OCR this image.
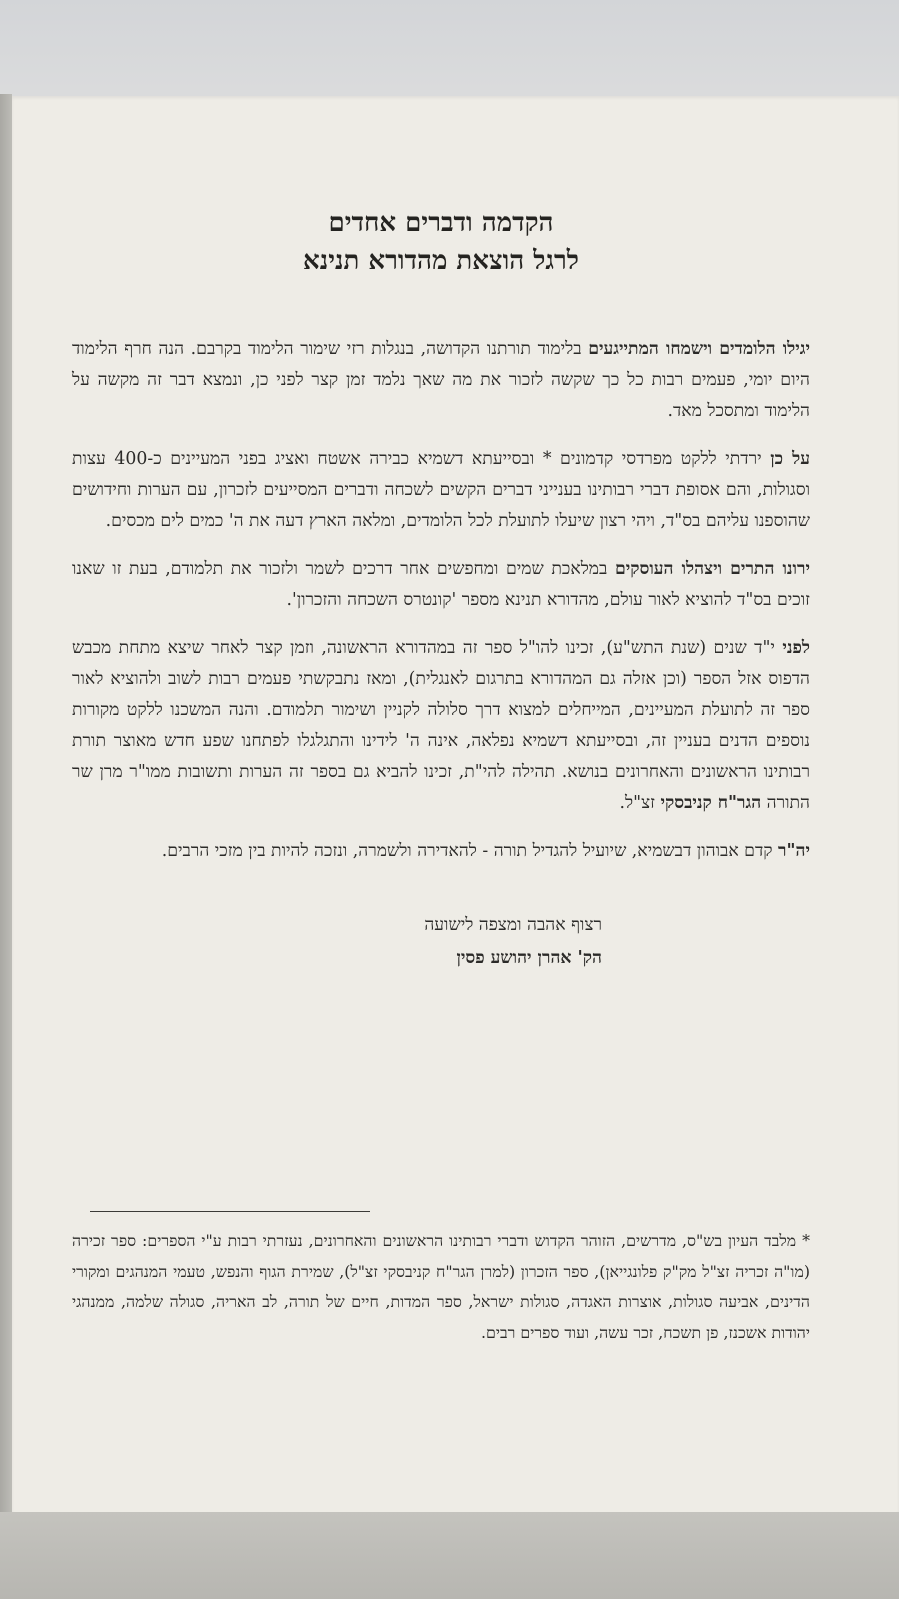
הקדמה ודברים אחדים
לרגל הוצאת מהדורא תנינא

יגילו הלומדים וישמחו המתייגעים בלימוד תורתנו הקדושה, בנגלות רזי שימור הלימוד בקרבם. הנה חרף הלימוד היום יומי, פעמים רבות כל כך שקשה לזכור את מה שאך נלמד זמן קצר לפני כן, ונמצא דבר זה מקשה על הלימוד ומתסכל מאד.

על כן ירדתי ללקט מפרדסי קדמונים * ובסייעתא דשמיא כבירה אשטח ואציג בפני המעיינים כ-400 עצות וסגולות, והם אסופת דברי רבותינו בענייני דברים הקשים לשכחה ודברים המסייעים לזכרון, עם הערות וחידושים שהוספנו עליהם בס"ד, ויהי רצון שיעלו לתועלת לכל הלומדים, ומלאה הארץ דעה את ה' כמים לים מכסים.

ירונו התרים ויצהלו העוסקים במלאכת שמים ומחפשים אחר דרכים לשמר ולזכור את תלמודם, בעת זו שאנו זוכים בס"ד להוציא לאור עולם, מהדורא תנינא מספר 'קונטרס השכחה והזכרון'.

לפני י"ד שנים (שנת התש"ע), זכינו להו"ל ספר זה במהדורא הראשונה, וזמן קצר לאחר שיצא מתחת מכבש הדפוס אזל הספר (וכן אזלה גם המהדורא בתרגום לאנגלית), ומאז נתבקשתי פעמים רבות לשוב ולהוציא לאור ספר זה לתועלת המעיינים, המייחלים למצוא דרך סלולה לקניין ושימור תלמודם. והנה המשכנו ללקט מקורות נוספים הדנים בעניין זה, ובסייעתא דשמיא נפלאה, אינה ה' לידינו והתגלגלו לפתחנו שפע חדש מאוצר תורת רבותינו הראשונים והאחרונים בנושא. תהילה להי"ת, זכינו להביא גם בספר זה הערות ותשובות ממו"ר מרן שר התורה הגר"ח קניבסקי זצ"ל.

יה"ר קדם אבוהון דבשמיא, שיועיל להגדיל תורה - להאדירה ולשמרה, ונזכה להיות בין מזכי הרבים.

רצוף אהבה ומצפה לישועה
הק' אהרן יהושע פסין
* מלבד העיון בש"ס, מדרשים, הזוהר הקדוש ודברי רבותינו הראשונים והאחרונים, נעזרתי רבות ע"י הספרים: ספר זכירה (מו"ה זכריה זצ"ל מק"ק פלונגייאן), ספר הזכרון (למרן הגר"ח קניבסקי זצ"ל), שמירת הגוף והנפש, טעמי המנהגים ומקורי הדינים, אביעה סגולות, אוצרות האגדה, סגולות ישראל, ספר המדות, חיים של תורה, לב האריה, סגולה שלמה, ממנהגי יהודות אשכנז, פן תשכח, זכר עשה, ועוד ספרים רבים.
